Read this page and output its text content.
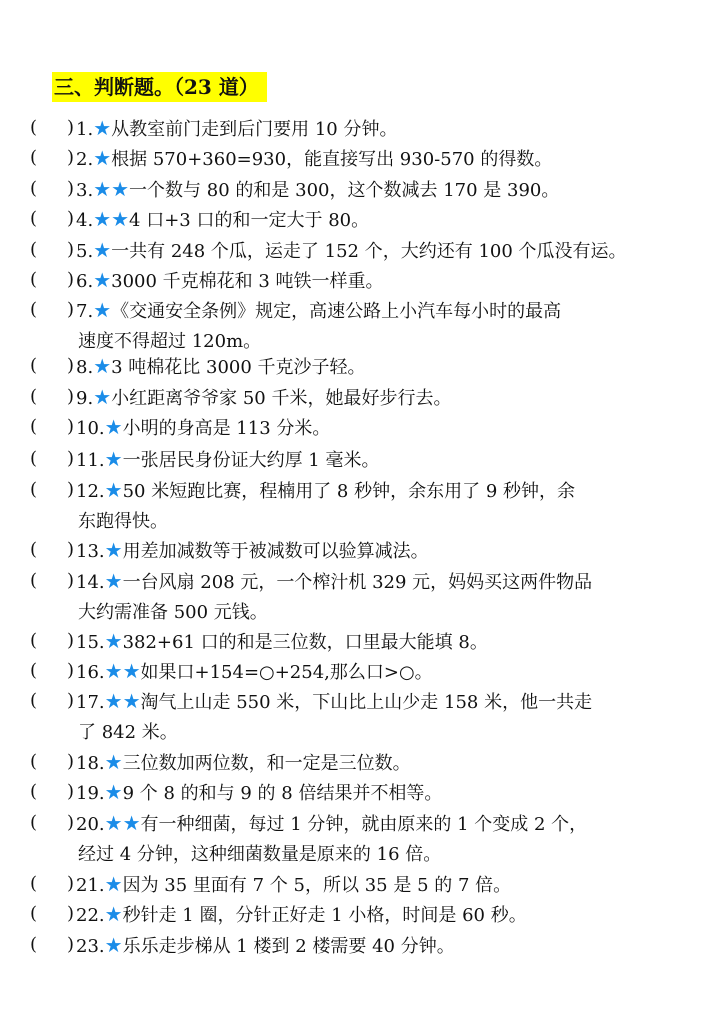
三、判断题。（23 道）
( ) 1.★从教室前门走到后门要用 10 分钟。
( ) 2.★根据 570+360=930，能直接写出 930-570 的得数。
( ) 3.★★一个数与 80 的和是 300，这个数减去 170 是 390。
( ) 4.★★4 口+3 口的和一定大于 80。
( ) 5.★一共有 248 个瓜，运走了 152 个，大约还有 100 个瓜没有运。
( ) 6.★3000 千克棉花和 3 吨铁一样重。
( ) 7.★《交通安全条例》规定，高速公路上小汽车每小时的最高
速度不得超过 120m。
( ) 8.★3 吨棉花比 3000 千克沙子轻。
( ) 9.★小红距离爷爷家 50 千米，她最好步行去。
( ) 10.★小明的身高是 113 分米。
( ) 11.★一张居民身份证大约厚 1 毫米。
( ) 12.★50 米短跑比赛，程楠用了 8 秒钟，余东用了 9 秒钟，余
东跑得快。
( ) 13.★用差加减数等于被减数可以验算减法。
( ) 14.★一台风扇 208 元，一个榨汁机 329 元，妈妈买这两件物品
大约需准备 500 元钱。
( ) 15.★382+61 口的和是三位数，口里最大能填 8。
( ) 16.★★如果口+154=○+254,那么口>○。
( ) 17.★★淘气上山走 550 米，下山比上山少走 158 米，他一共走
了 842 米。
( ) 18.★三位数加两位数，和一定是三位数。
( ) 19.★9 个 8 的和与 9 的 8 倍结果并不相等。
( ) 20.★★有一种细菌，每过 1 分钟，就由原来的 1 个变成 2 个，
经过 4 分钟，这种细菌数量是原来的 16 倍。
( ) 21.★因为 35 里面有 7 个 5，所以 35 是 5 的 7 倍。
( ) 22.★秒针走 1 圈，分针正好走 1 小格，时间是 60 秒。
( ) 23.★乐乐走步梯从 1 楼到 2 楼需要 40 分钟。
